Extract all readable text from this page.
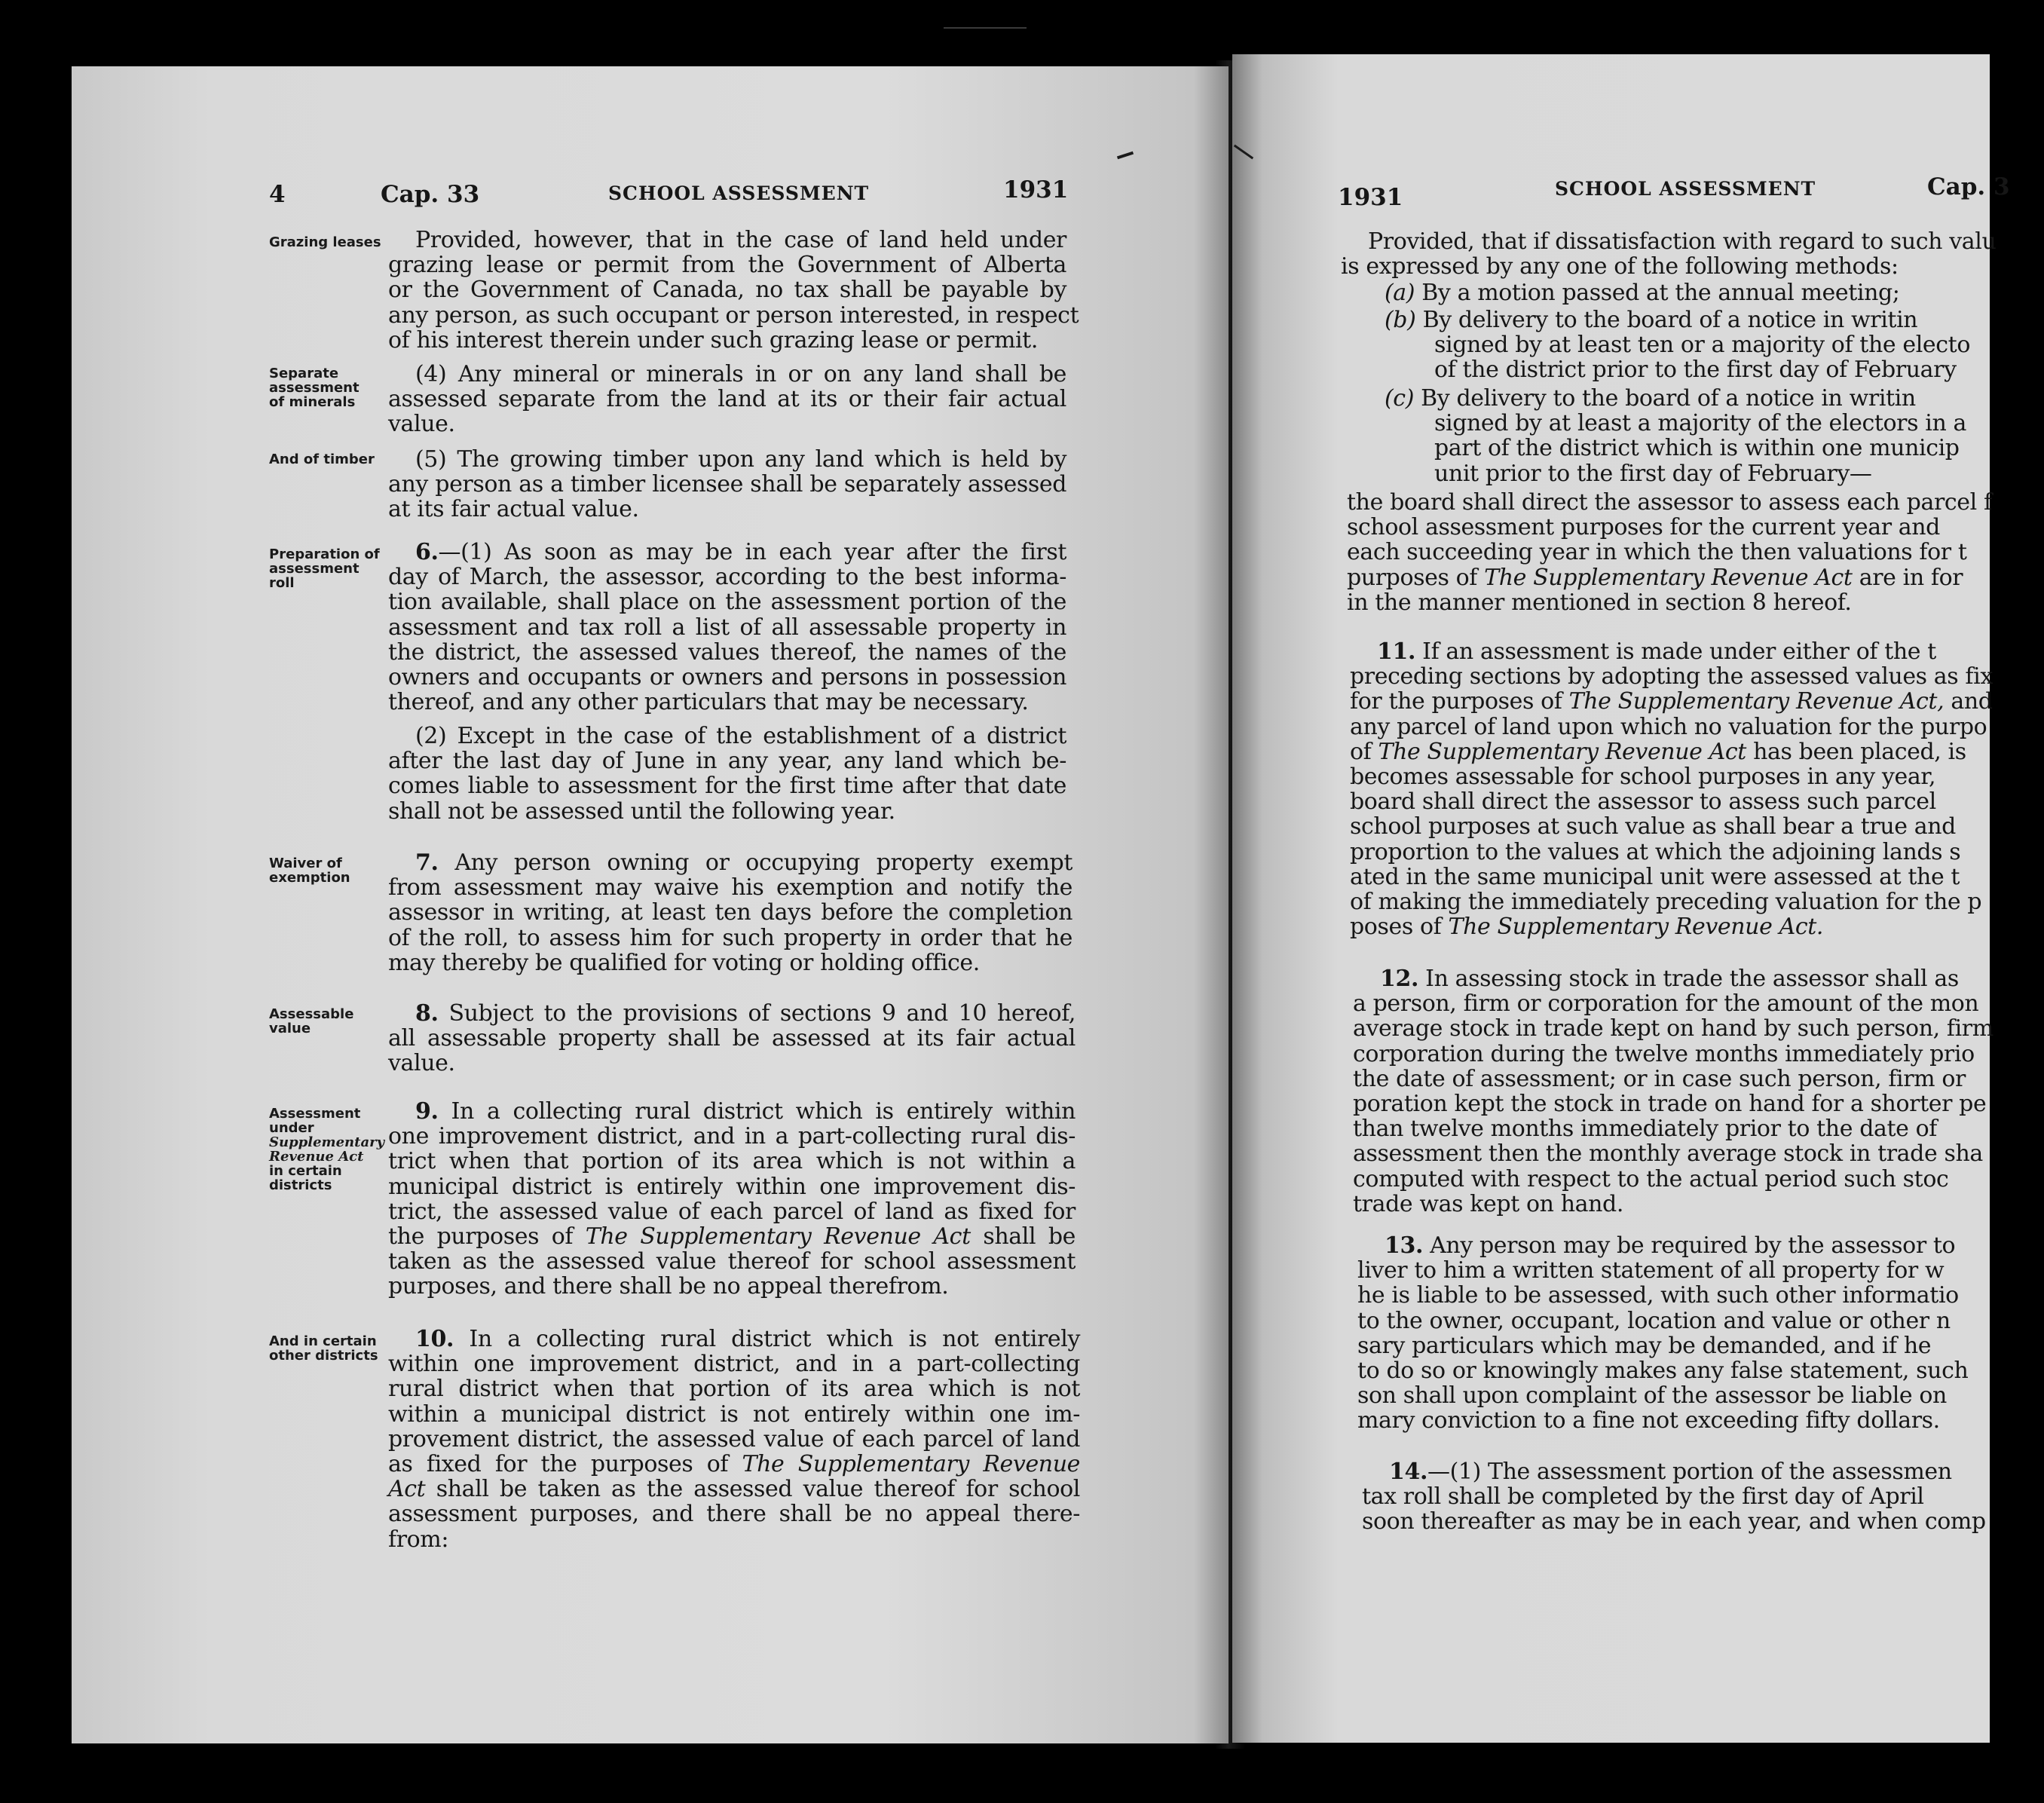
4	Cap. 33	SCHOOL ASSESSMENT	1931
Grazing leases
Separate assessment of minerals
And of timber
Preparation of assessment roll
Waiver of exemption
Assessable value
Assessment under
Supplementary Revenue Act
in certain districts
And in certain other districts
Provided, however, that in the case of land held under
grazing lease or permit from the Government of Alberta
or the Government of Canada, no tax shall be payable by
any person, as such occupant or person interested, in respect
of his interest therein under such grazing lease or permit.
(4) Any mineral or minerals in or on any land shall be
assessed separate from the land at its or their fair actual
value.
(5) The growing timber upon any land which is held by
any person as a timber licensee shall be separately assessed
at its fair actual value.
6.—(1) As soon as may be in each year after the first
day of March, the assessor, according to the best informa-
tion available, shall place on the assessment portion of the
assessment and tax roll a list of all assessable property in
the district, the assessed values thereof, the names of the
owners and occupants or owners and persons in possession
thereof, and any other particulars that may be necessary.
(2) Except in the case of the establishment of a district
after the last day of June in any year, any land which be-
comes liable to assessment for the first time after that date
shall not be assessed until the following year.
7. Any person owning or occupying property exempt
from assessment may waive his exemption and notify the
assessor in writing, at least ten days before the completion
of the roll, to assess him for such property in order that he
may thereby be qualified for voting or holding office.
8. Subject to the provisions of sections 9 and 10 hereof,
all assessable property shall be assessed at its fair actual
value.
9. In a collecting rural district which is entirely within
one improvement district, and in a part-collecting rural dis-
trict when that portion of its area which is not within a
municipal district is entirely within one improvement dis-
trict, the assessed value of each parcel of land as fixed for
the purposes of The Supplementary Revenue Act shall be
taken as the assessed value thereof for school assessment
purposes, and there shall be no appeal therefrom.
10. In a collecting rural district which is not entirely
within one improvement district, and in a part-collecting
rural district when that portion of its area which is not
within a municipal district is not entirely within one im-
provement district, the assessed value of each parcel of land
as fixed for the purposes of The Supplementary Revenue
Act shall be taken as the assessed value thereof for school
assessment purposes, and there shall be no appeal there-
from:
1931	SCHOOL ASSESSMENT	Cap. 3
Provided, that if dissatisfaction with regard to such valu
is expressed by any one of the following methods:
(a) By a motion passed at the annual meeting;
(b) By delivery to the board of a notice in writin
signed by at least ten or a majority of the electo
of the district prior to the first day of February
(c) By delivery to the board of a notice in writin
signed by at least a majority of the electors in a
part of the district which is within one municip
unit prior to the first day of February—
the board shall direct the assessor to assess each parcel f
school assessment purposes for the current year and
each succeeding year in which the then valuations for t
purposes of The Supplementary Revenue Act are in for
in the manner mentioned in section 8 hereof.
11. If an assessment is made under either of the t
preceding sections by adopting the assessed values as fix
for the purposes of The Supplementary Revenue Act, and
any parcel of land upon which no valuation for the purpo
of The Supplementary Revenue Act has been placed, is
becomes assessable for school purposes in any year,
board shall direct the assessor to assess such parcel
school purposes at such value as shall bear a true and
proportion to the values at which the adjoining lands s
ated in the same municipal unit were assessed at the t
of making the immediately preceding valuation for the p
poses of The Supplementary Revenue Act.
12. In assessing stock in trade the assessor shall as
a person, firm or corporation for the amount of the mon
average stock in trade kept on hand by such person, firm
corporation during the twelve months immediately prio
the date of assessment; or in case such person, firm or
poration kept the stock in trade on hand for a shorter pe
than twelve months immediately prior to the date of
assessment then the monthly average stock in trade sha
computed with respect to the actual period such stoc
trade was kept on hand.
13. Any person may be required by the assessor to
liver to him a written statement of all property for w
he is liable to be assessed, with such other informatio
to the owner, occupant, location and value or other n
sary particulars which may be demanded, and if he
to do so or knowingly makes any false statement, such
son shall upon complaint of the assessor be liable on
mary conviction to a fine not exceeding fifty dollars.
14.—(1) The assessment portion of the assessmen
tax roll shall be completed by the first day of April
soon thereafter as may be in each year, and when comp
